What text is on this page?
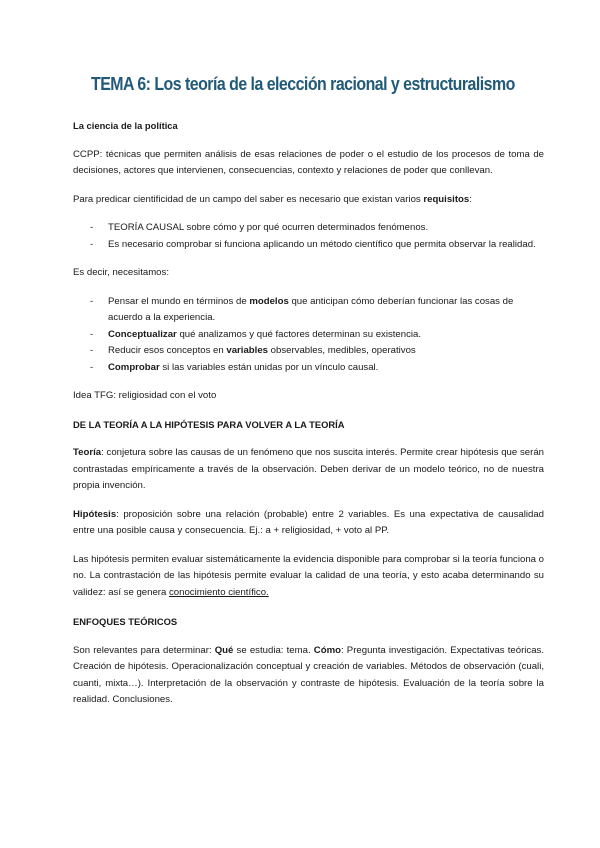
TEMA 6: Los teoría de la elección racional y estructuralismo

La ciencia de la política

CCPP: técnicas que permiten análisis de esas relaciones de poder o el estudio de los procesos de toma de decisiones, actores que intervienen, consecuencias, contexto y relaciones de poder que conllevan.

Para predicar cientificidad de un campo del saber es necesario que existan varios requisitos:

- TEORÍA CAUSAL sobre cómo y por qué ocurren determinados fenómenos.
- Es necesario comprobar si funciona aplicando un método científico que permita observar la realidad.

Es decir, necesitamos:

- Pensar el mundo en términos de modelos que anticipan cómo deberían funcionar las cosas de acuerdo a la experiencia.
- Conceptualizar qué analizamos y qué factores determinan su existencia.
- Reducir esos conceptos en variables observables, medibles, operativos
- Comprobar si las variables están unidas por un vínculo causal.

Idea TFG: religiosidad con el voto

DE LA TEORÍA A LA HIPÓTESIS PARA VOLVER A LA TEORÍA

Teoría: conjetura sobre las causas de un fenómeno que nos suscita interés. Permite crear hipótesis que serán contrastadas empíricamente a través de la observación. Deben derivar de un modelo teórico, no de nuestra propia invención.

Hipótesis: proposición sobre una relación (probable) entre 2 variables. Es una expectativa de causalidad entre una posible causa y consecuencia. Ej.: a + religiosidad, + voto al PP.

Las hipótesis permiten evaluar sistemáticamente la evidencia disponible para comprobar si la teoría funciona o no. La contrastación de las hipótesis permite evaluar la calidad de una teoría, y esto acaba determinando su validez: así se genera conocimiento científico.

ENFOQUES TEÓRICOS

Son relevantes para determinar: Qué se estudia: tema. Cómo: Pregunta investigación. Expectativas teóricas. Creación de hipótesis. Operacionalización conceptual y creación de variables. Métodos de observación (cuali, cuanti, mixta…). Interpretación de la observación y contraste de hipótesis. Evaluación de la teoría sobre la realidad. Conclusiones.
